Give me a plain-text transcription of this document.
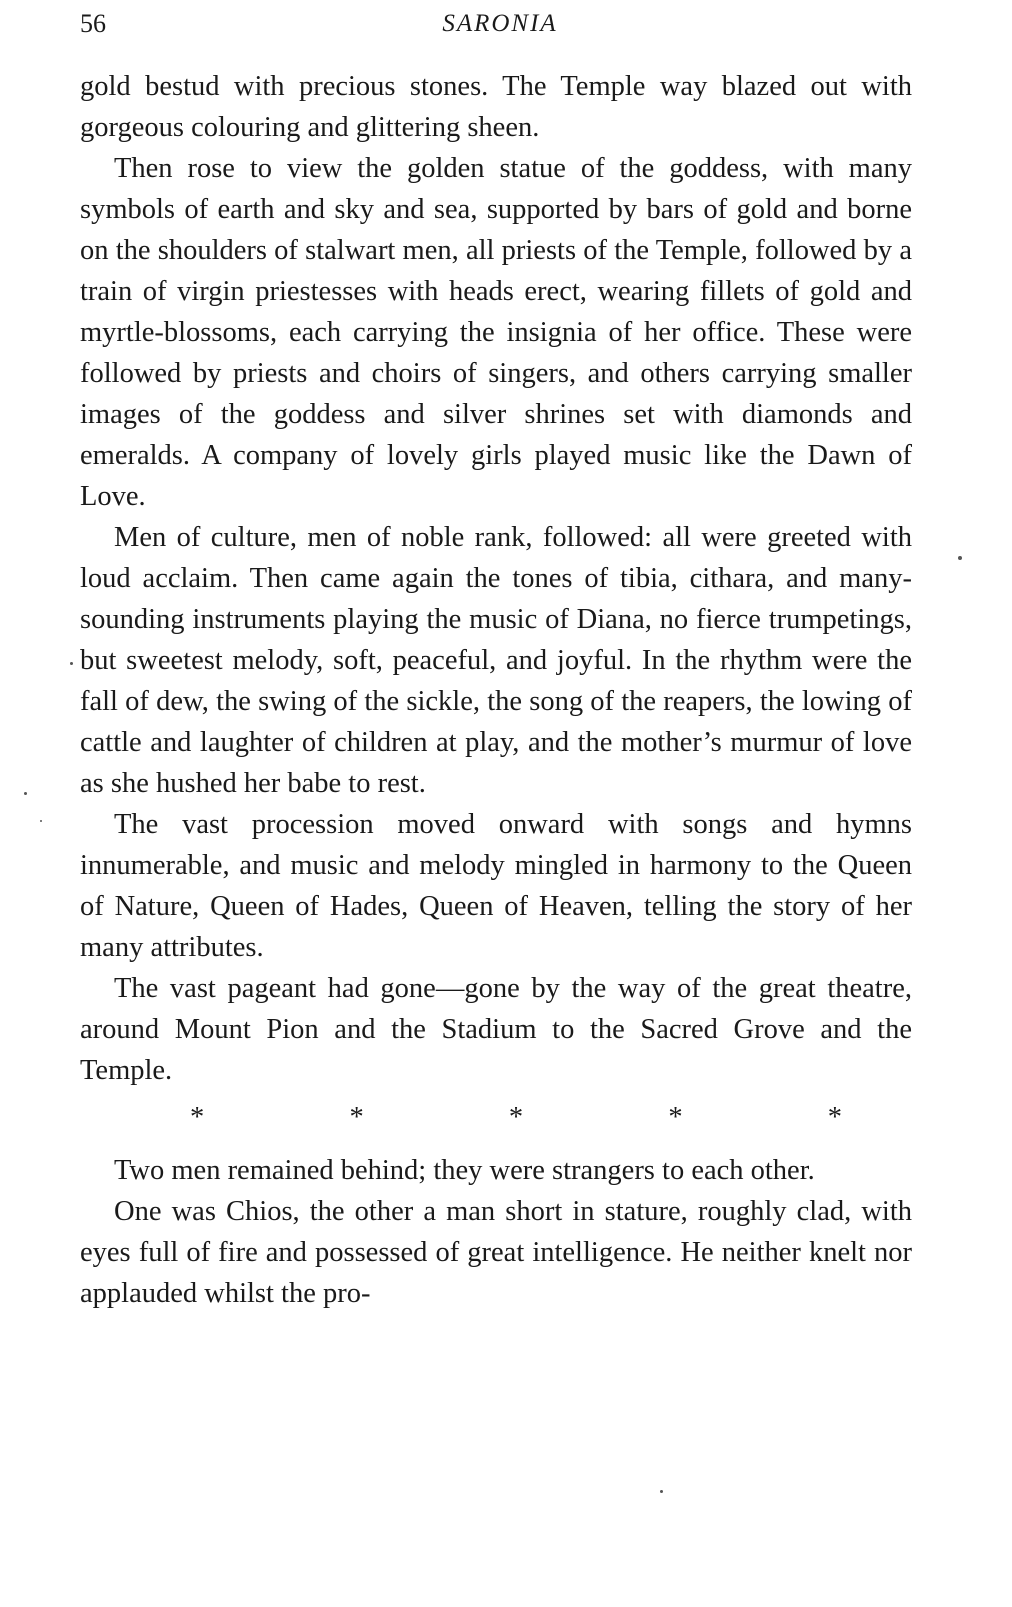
56	SARONIA

gold bestud with precious stones. The Temple way blazed out with gorgeous colouring and glittering sheen.

Then rose to view the golden statue of the goddess, with many symbols of earth and sky and sea, supported by bars of gold and borne on the shoulders of stalwart men, all priests of the Temple, followed by a train of virgin priestesses with heads erect, wearing fillets of gold and myrtle-blossoms, each carrying the insignia of her office. These were followed by priests and choirs of singers, and others carrying smaller images of the goddess and silver shrines set with diamonds and emeralds. A company of lovely girls played music like the Dawn of Love.

Men of culture, men of noble rank, followed: all were greeted with loud acclaim. Then came again the tones of tibia, cithara, and many-sounding instruments playing the music of Diana, no fierce trumpetings, but sweetest melody, soft, peaceful, and joyful. In the rhythm were the fall of dew, the swing of the sickle, the song of the reapers, the lowing of cattle and laughter of children at play, and the mother’s murmur of love as she hushed her babe to rest.

The vast procession moved onward with songs and hymns innumerable, and music and melody mingled in harmony to the Queen of Nature, Queen of Hades, Queen of Heaven, telling the story of her many attributes.

The vast pageant had gone—gone by the way of the great theatre, around Mount Pion and the Stadium to the Sacred Grove and the Temple.

*	*	*	*	*

Two men remained behind; they were strangers to each other.

One was Chios, the other a man short in stature, roughly clad, with eyes full of fire and possessed of great intelligence. He neither knelt nor applauded whilst the pro-
